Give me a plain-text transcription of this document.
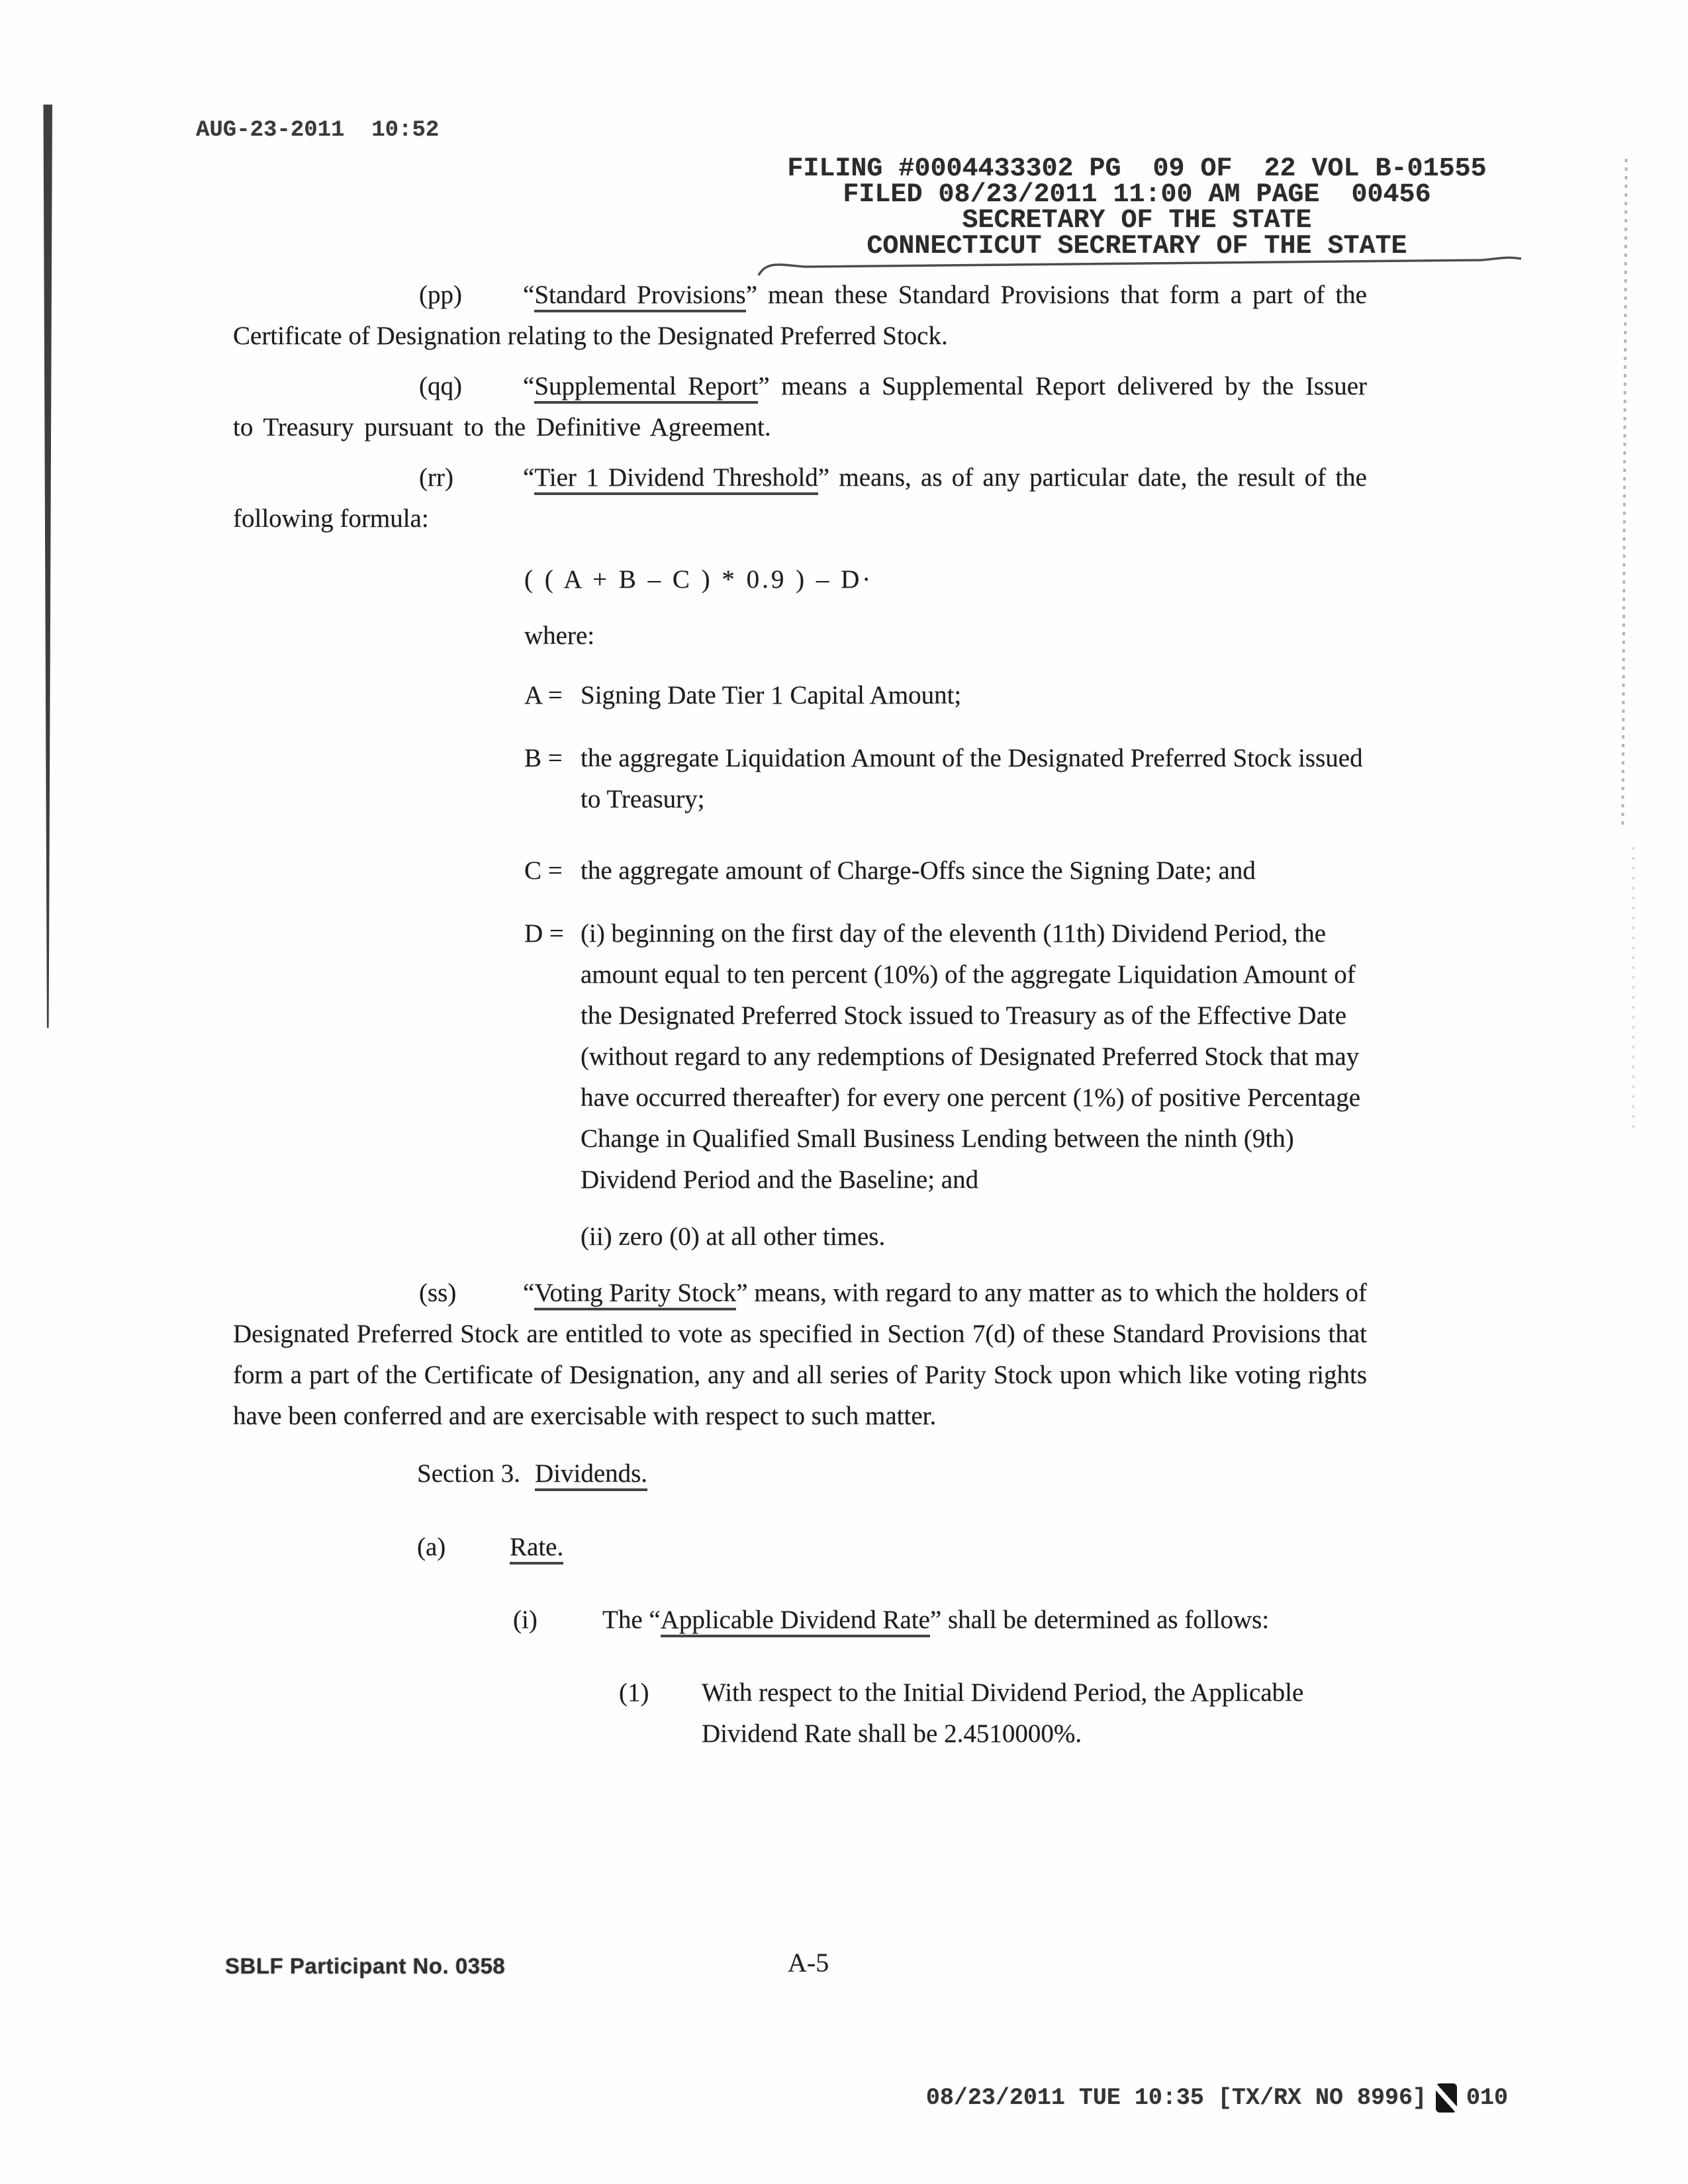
AUG-23-2011  10:52
FILING #0004433302 PG  09 OF  22 VOL B-01555
FILED 08/23/2011 11:00 AM PAGE  00456
SECRETARY OF THE STATE
CONNECTICUT SECRETARY OF THE STATE

(pp) “Standard Provisions” mean these Standard Provisions that form a part of the Certificate of Designation relating to the Designated Preferred Stock.

(qq) “Supplemental Report” means a Supplemental Report delivered by the Issuer to Treasury pursuant to the Definitive Agreement.

(rr)	“Tier 1 Dividend Threshold” means, as of any particular date, the result of the following formula:

( ( A + B – C ) * 0.9 ) – D·
where:
A = Signing Date Tier 1 Capital Amount;
B = the aggregate Liquidation Amount of the Designated Preferred Stock issued to Treasury;
C = the aggregate amount of Charge-Offs since the Signing Date; and
D = (i) beginning on the first day of the eleventh (11th) Dividend Period, the amount equal to ten percent (10%) of the aggregate Liquidation Amount of the Designated Preferred Stock issued to Treasury as of the Effective Date (without regard to any redemptions of Designated Preferred Stock that may have occurred thereafter) for every one percent (1%) of positive Percentage Change in Qualified Small Business Lending between the ninth (9th) Dividend Period and the Baseline; and
(ii) zero (0) at all other times.

(ss)	“Voting Parity Stock” means, with regard to any matter as to which the holders of Designated Preferred Stock are entitled to vote as specified in Section 7(d) of these Standard Provisions that form a part of the Certificate of Designation, any and all series of Parity Stock upon which like voting rights have been conferred and are exercisable with respect to such matter.

Section 3. Dividends.
(a) Rate.
(i)	The “Applicable Dividend Rate” shall be determined as follows:
(1)	With respect to the Initial Dividend Period, the Applicable Dividend Rate shall be 2.4510000%.
SBLF Participant No. 0358	A-5
08/23/2011 TUE 10:35 [TX/RX NO 8996] 010
